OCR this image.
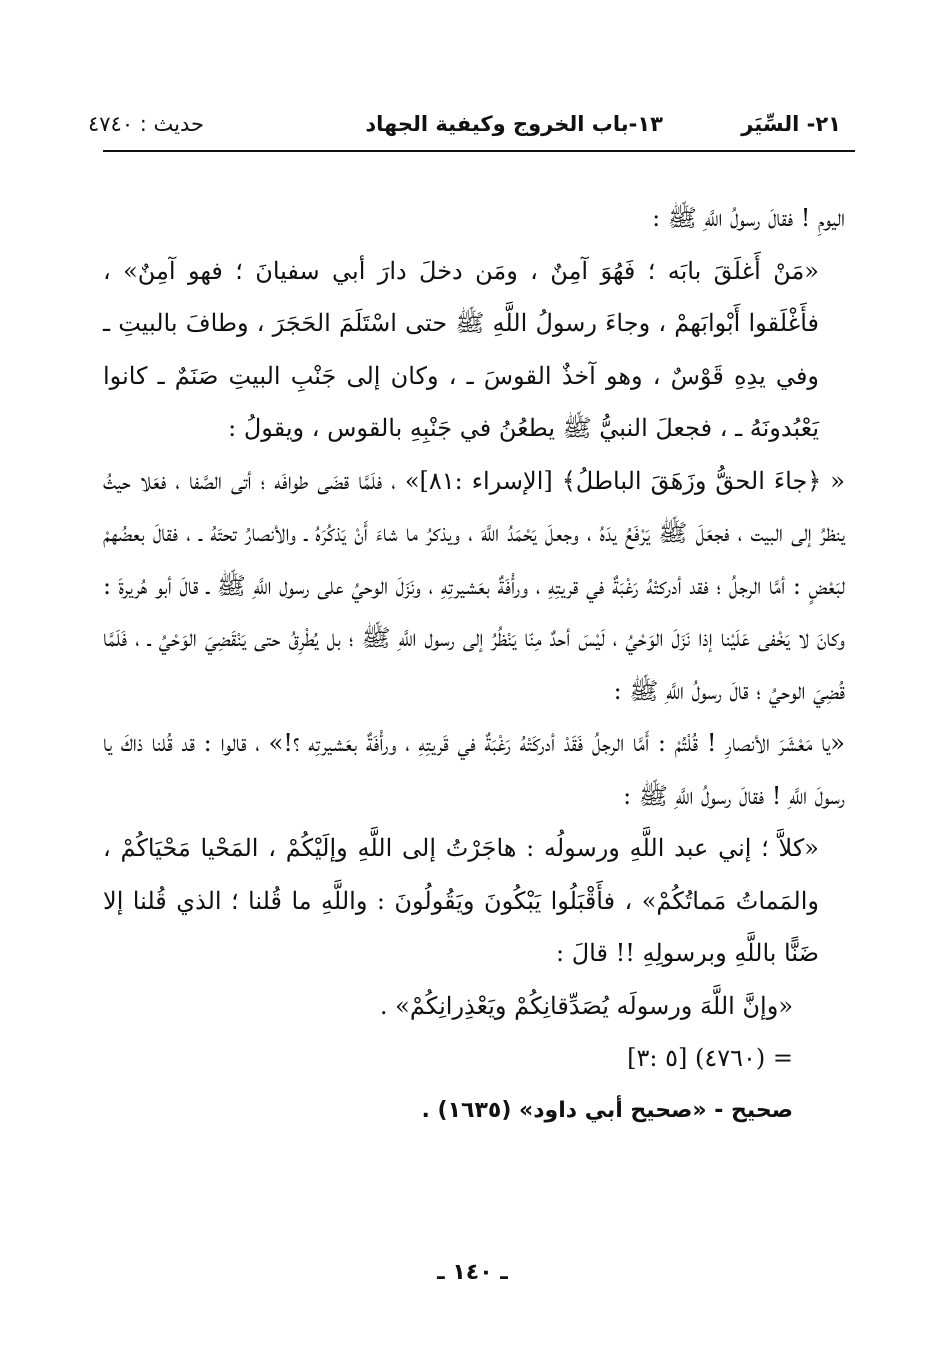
٢١- السِّيَر
١٣-باب الخروج وكيفية الجهاد
حديث : ٤٧٤٠

اليومِ ! فقالَ رسولُ اللَّهِ ﷺ :

«مَنْ أَغلَقَ بابَه ؛ فَهُوَ آمِنٌ ، ومَن دخلَ دارَ أبي سفيانَ ؛ فهو آمِنٌ» ، فأَغْلَقوا أَبْوابَهمْ ، وجاءَ رسولُ اللَّهِ ﷺ حتى اسْتَلَمَ الحَجَرَ ، وطافَ بالبيتِ ـ وفي يدِهِ قَوْسٌ ، وهو آخذٌ القوسَ ـ ، وكان إلى جَنْبِ البيتِ صَنَمٌ ـ كانوا يَعْبُدونَهُ ـ ، فجعلَ النبيُّ ﷺ يطعُنُ في جَنْبِهِ بالقوس ، ويقولُ :

« ﴿جاءَ الحقُّ وزَهَقَ الباطلُ﴾ [الإسراء :٨١]» ، فلَمَّا قضَى طوافَه ؛ أتى الصَّفا ، فعَلا حيثُ ينظرُ إلى البيت ، فجعَلَ ﷺ يَرْفَعُ يدَهُ ، وجعلَ يَحْمَدُ اللَّهَ ، ويذكرُ ما شاءَ أَنْ يَذكُرَهُ ـ والأنصارُ تحتَهُ ـ ، فقالَ بعضُهمْ لبَعْضٍ : أمَّا الرجلُ ؛ فقد أدركتْهُ رَغْبَةٌ في قريتِهِ ، ورأْفَةٌ بعَشيرتِهِ ، ونَزَلَ الوحيُ على رسول اللَّهِ ﷺ ـ قالَ أبو هُريرةَ : وكانَ لا يَخْفى عَلَيْنا إذا نَزَلَ الوَحْيُ ، لَيْسَ أحدٌ مِنّا يَنْظُرُ إلى رسول اللَّهِ ﷺ ؛ بل يُطْرِقُ حتى يَنْقَضِيَ الوَحْيُ ـ ، فَلَمَّا قُضِيَ الوحيُ ؛ قالَ رسولُ اللَّهِ ﷺ :

«يا مَعْشَرَ الأنصارِ ! قُلْتُمْ : أَمَّا الرجلُ فَقَدْ أدركَتْهُ رَغْبَةٌ في قَريتِهِ ، ورأْفَةٌ بعَشيرتِه ؟!» ، قالوا : قد قُلنا ذاكَ يا رسولَ اللَّهِ ! فقالَ رسولُ اللَّهِ ﷺ :

«كلاَّ ؛ إني عبد اللَّهِ ورسولُه : هاجَرْتُ إلى اللَّهِ وإلَيْكُمْ ، المَحْيا مَحْيَاكُمْ ، والمَماتُ مَماتُكُمْ» ، فأَقْبَلُوا يَبْكُونَ ويَقُولُونَ : واللَّهِ ما قُلنا ؛ الذي قُلنا إلا ضَنًّا باللَّهِ وبرسولِهِ !! قالَ :

«وإنَّ اللَّهَ ورسولَه يُصَدِّقانِكُمْ ويَعْذِرانِكُمْ» .

= (٤٧٦٠) [٥ :٣]

صحيح - «صحيح أبي داود» (١٦٣٥) .

ـ ١٤٠ ـ
